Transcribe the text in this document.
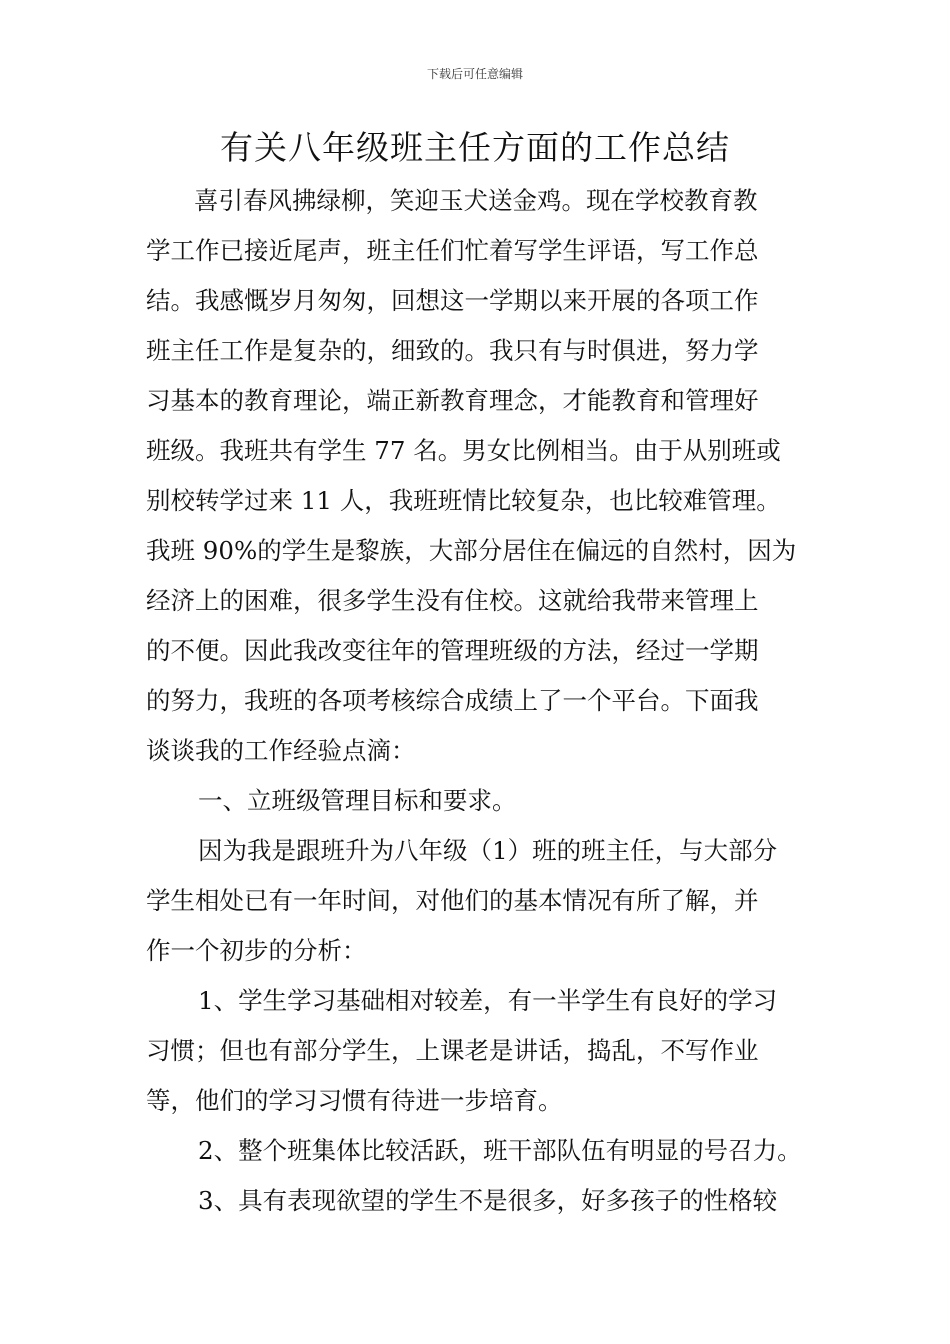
下载后可任意编辑
有关八年级班主任方面的工作总结
喜引春风拂绿柳，笑迎玉犬送金鸡。现在学校教育教
学工作已接近尾声，班主任们忙着写学生评语，写工作总
结。我感慨岁月匆匆，回想这一学期以来开展的各项工作
班主任工作是复杂的，细致的。我只有与时俱进，努力学
习基本的教育理论，端正新教育理念，才能教育和管理好
班级。我班共有学生 77 名。男女比例相当。由于从别班或
别校转学过来 11 人，我班班情比较复杂，也比较难管理。
我班 90%的学生是黎族，大部分居住在偏远的自然村，因为
经济上的困难，很多学生没有住校。这就给我带来管理上
的不便。因此我改变往年的管理班级的方法，经过一学期
的努力，我班的各项考核综合成绩上了一个平台。下面我
谈谈我的工作经验点滴：
一、立班级管理目标和要求。
因为我是跟班升为八年级（1）班的班主任，与大部分
学生相处已有一年时间，对他们的基本情况有所了解，并
作一个初步的分析：
1、学生学习基础相对较差，有一半学生有良好的学习
习惯；但也有部分学生，上课老是讲话，捣乱，不写作业
等，他们的学习习惯有待进一步培育。
2、整个班集体比较活跃，班干部队伍有明显的号召力。
3、具有表现欲望的学生不是很多，好多孩子的性格较
